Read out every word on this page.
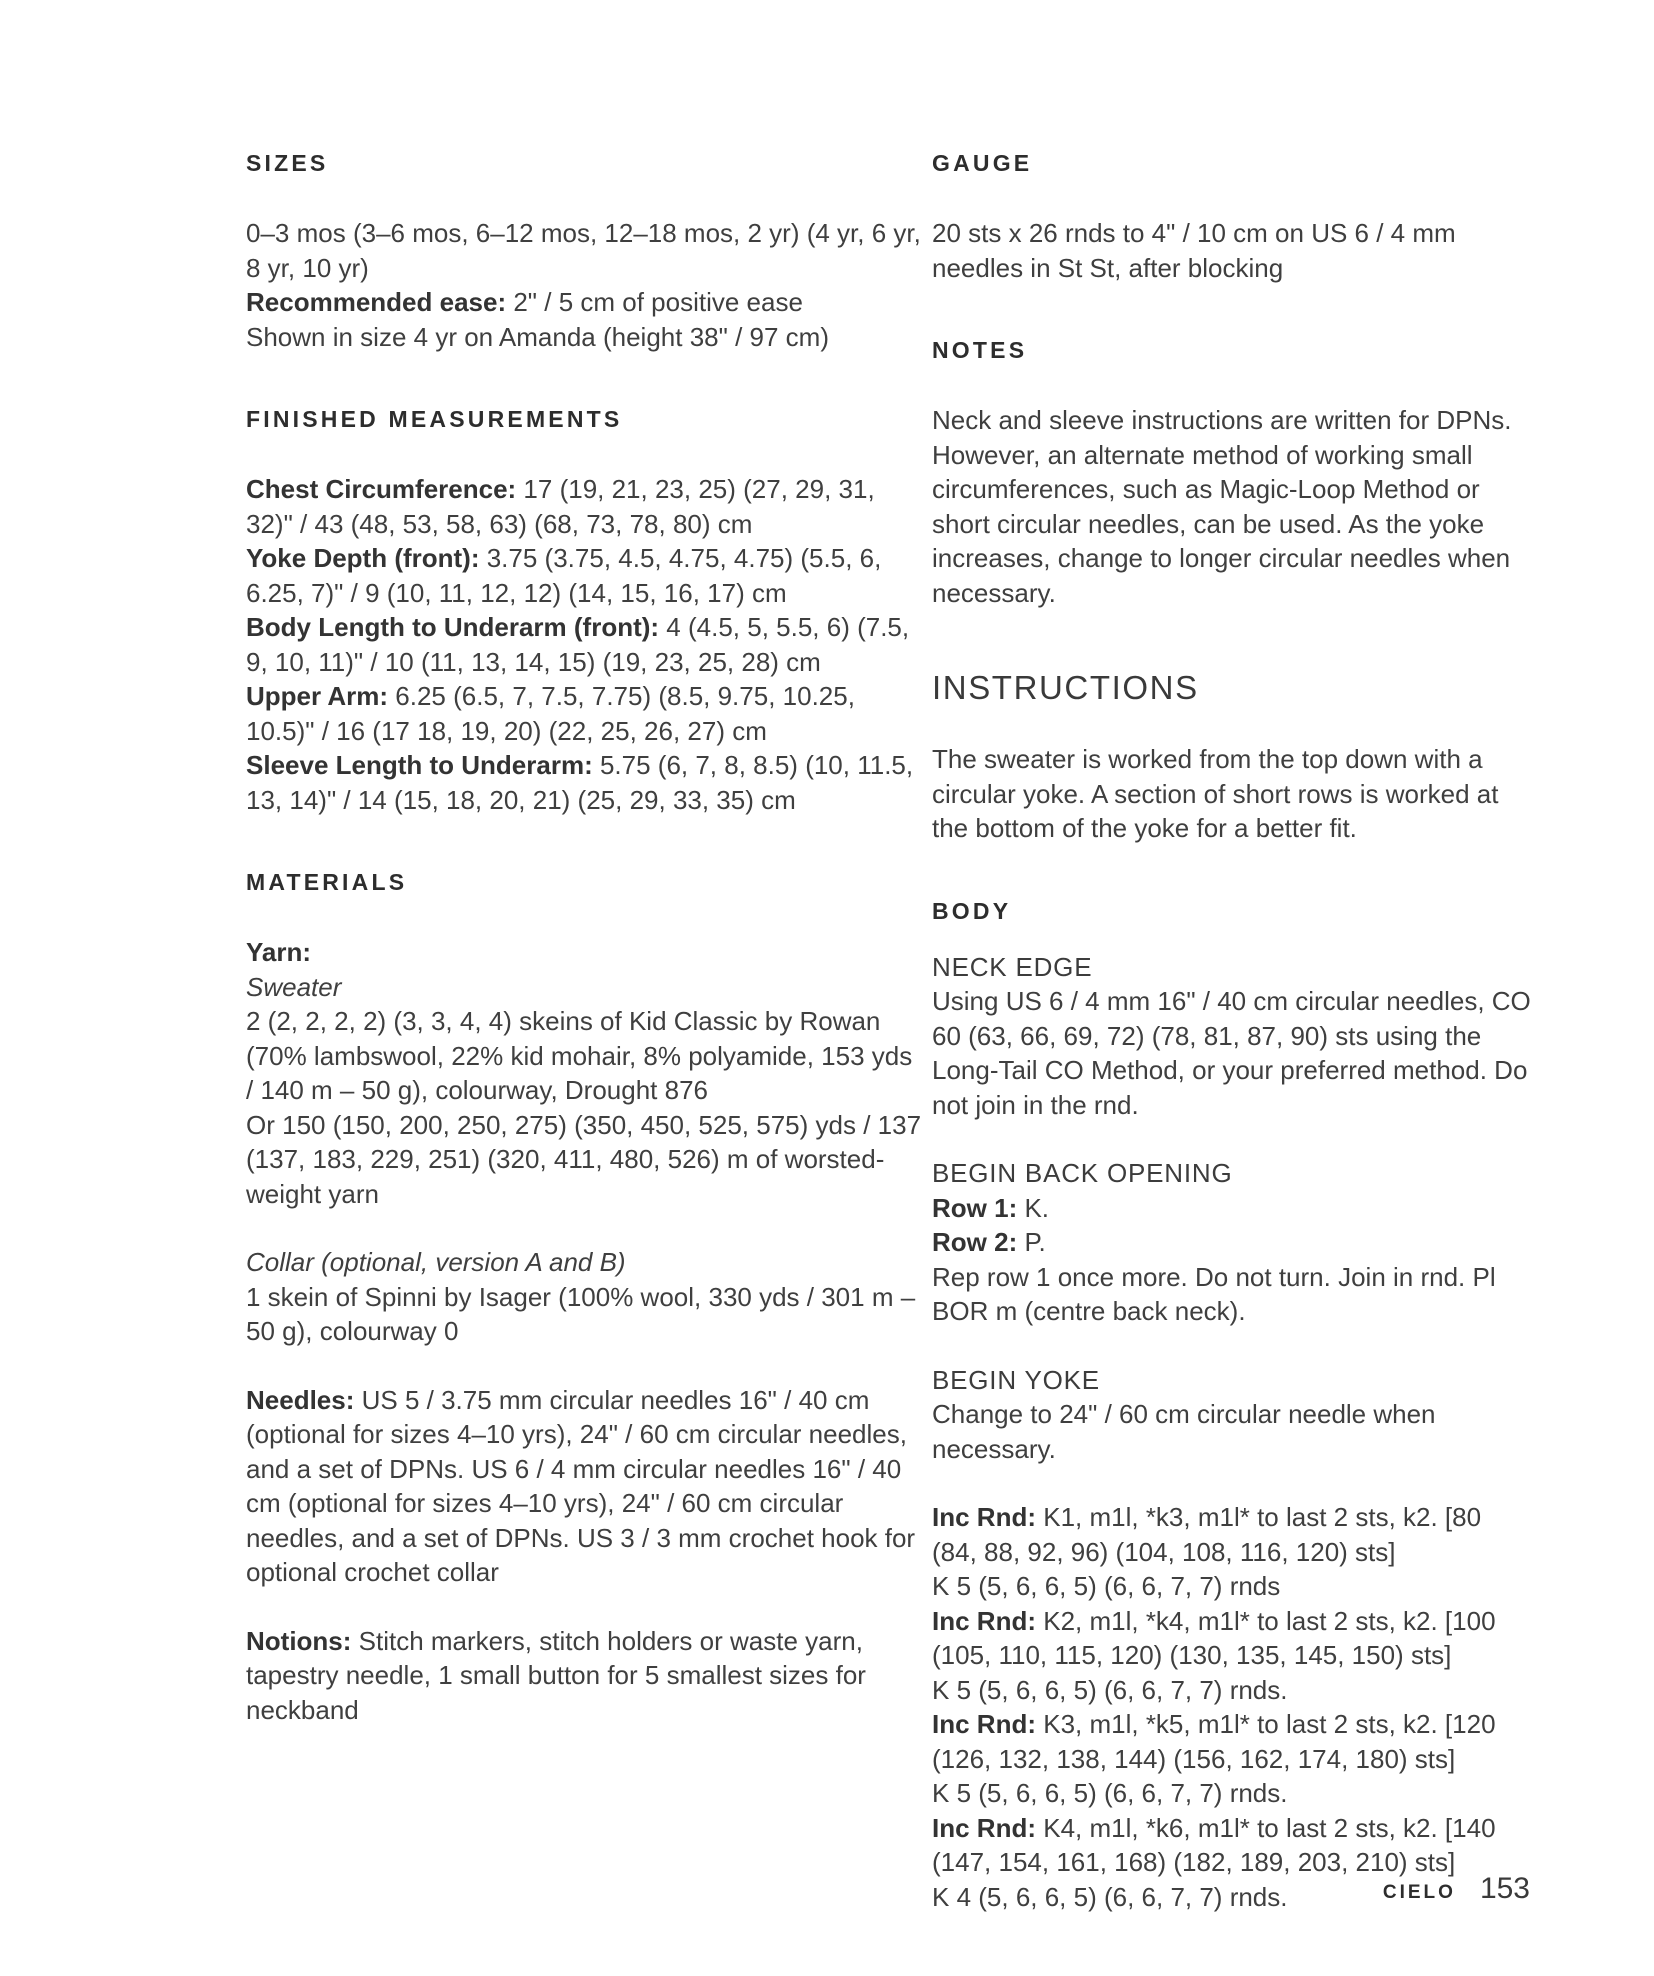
SIZES

0–3 mos (3–6 mos, 6–12 mos, 12–18 mos, 2 yr) (4 yr, 6 yr, 8 yr, 10 yr)

Recommended ease: 2" / 5 cm of positive ease

Shown in size 4 yr on Amanda (height 38" / 97 cm)

FINISHED MEASUREMENTS

Chest Circumference: 17 (19, 21, 23, 25) (27, 29, 31, 32)" / 43 (48, 53, 58, 63) (68, 73, 78, 80) cm

Yoke Depth (front): 3.75 (3.75, 4.5, 4.75, 4.75) (5.5, 6, 6.25, 7)" / 9 (10, 11, 12, 12) (14, 15, 16, 17) cm

Body Length to Underarm (front): 4 (4.5, 5, 5.5, 6) (7.5, 9, 10, 11)" / 10 (11, 13, 14, 15) (19, 23, 25, 28) cm

Upper Arm: 6.25 (6.5, 7, 7.5, 7.75) (8.5, 9.75, 10.25, 10.5)" / 16 (17 18, 19, 20) (22, 25, 26, 27) cm

Sleeve Length to Underarm: 5.75 (6, 7, 8, 8.5) (10, 11.5, 13, 14)" / 14 (15, 18, 20, 21) (25, 29, 33, 35) cm

MATERIALS

Yarn:

Sweater

2 (2, 2, 2, 2) (3, 3, 4, 4) skeins of Kid Classic by Rowan (70% lambswool, 22% kid mohair, 8% polyamide, 153 yds / 140 m – 50 g), colourway, Drought 876

Or 150 (150, 200, 250, 275) (350, 450, 525, 575) yds / 137 (137, 183, 229, 251) (320, 411, 480, 526) m of worsted-weight yarn

Collar (optional, version A and B)

1 skein of Spinni by Isager (100% wool, 330 yds / 301 m – 50 g), colourway 0

Needles: US 5 / 3.75 mm circular needles 16" / 40 cm (optional for sizes 4–10 yrs), 24" / 60 cm circular needles, and a set of DPNs. US 6 / 4 mm circular needles 16" / 40 cm (optional for sizes 4–10 yrs), 24" / 60 cm circular needles, and a set of DPNs. US 3 / 3 mm crochet hook for optional crochet collar

Notions: Stitch markers, stitch holders or waste yarn, tapestry needle, 1 small button for 5 smallest sizes for neckband

GAUGE

20 sts x 26 rnds to 4" / 10 cm on US 6 / 4 mm needles in St St, after blocking

NOTES

Neck and sleeve instructions are written for DPNs. However, an alternate method of working small circumferences, such as Magic-Loop Method or short circular needles, can be used. As the yoke increases, change to longer circular needles when necessary.

INSTRUCTIONS

The sweater is worked from the top down with a circular yoke. A section of short rows is worked at the bottom of the yoke for a better fit.

BODY

NECK EDGE

Using US 6 / 4 mm 16" / 40 cm circular needles, CO 60 (63, 66, 69, 72) (78, 81, 87, 90) sts using the Long-Tail CO Method, or your preferred method. Do not join in the rnd.

BEGIN BACK OPENING

Row 1: K.

Row 2: P.

Rep row 1 once more. Do not turn. Join in rnd. Pl BOR m (centre back neck).

BEGIN YOKE

Change to 24" / 60 cm circular needle when necessary.

Inc Rnd: K1, m1l, *k3, m1l* to last 2 sts, k2. [80 (84, 88, 92, 96) (104, 108, 116, 120) sts]

K 5 (5, 6, 6, 5) (6, 6, 7, 7) rnds

Inc Rnd: K2, m1l, *k4, m1l* to last 2 sts, k2. [100 (105, 110, 115, 120) (130, 135, 145, 150) sts]

K 5 (5, 6, 6, 5) (6, 6, 7, 7) rnds.

Inc Rnd: K3, m1l, *k5, m1l* to last 2 sts, k2. [120 (126, 132, 138, 144) (156, 162, 174, 180) sts]

K 5 (5, 6, 6, 5) (6, 6, 7, 7) rnds.

Inc Rnd: K4, m1l, *k6, m1l* to last 2 sts, k2. [140 (147, 154, 161, 168) (182, 189, 203, 210) sts]

K 4 (5, 6, 6, 5) (6, 6, 7, 7) rnds.	CIELO 153
